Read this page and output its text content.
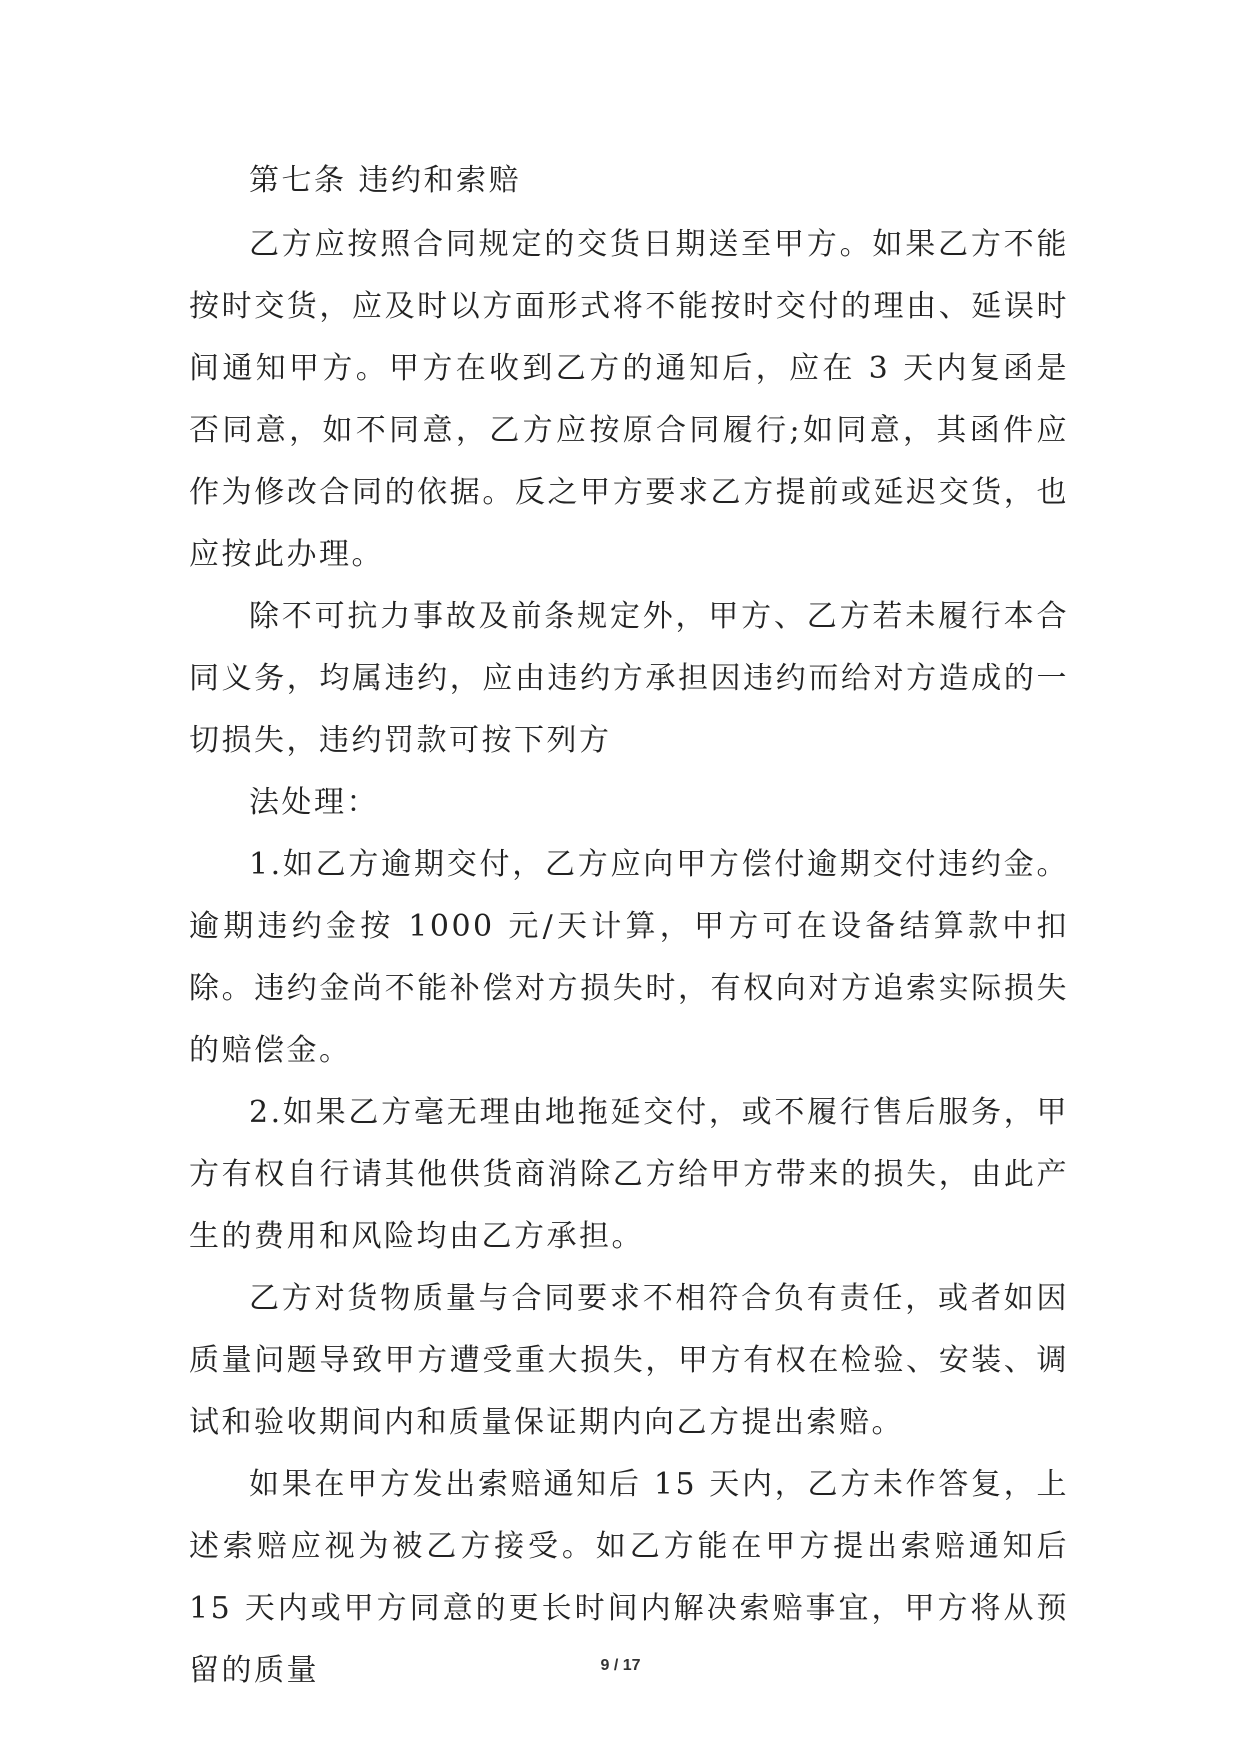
第七条 违约和索赔

乙方应按照合同规定的交货日期送至甲方。如果乙方不能按时交货，应及时以方面形式将不能按时交付的理由、延误时间通知甲方。甲方在收到乙方的通知后，应在 3 天内复函是否同意，如不同意，乙方应按原合同履行;如同意，其函件应作为修改合同的依据。反之甲方要求乙方提前或延迟交货，也应按此办理。

除不可抗力事故及前条规定外，甲方、乙方若未履行本合同义务，均属违约，应由违约方承担因违约而给对方造成的一切损失，违约罚款可按下列方

法处理：

1.如乙方逾期交付，乙方应向甲方偿付逾期交付违约金。逾期违约金按 1000 元/天计算，甲方可在设备结算款中扣除。违约金尚不能补偿对方损失时，有权向对方追索实际损失的赔偿金。

2.如果乙方毫无理由地拖延交付，或不履行售后服务，甲方有权自行请其他供货商消除乙方给甲方带来的损失，由此产生的费用和风险均由乙方承担。

乙方对货物质量与合同要求不相符合负有责任，或者如因质量问题导致甲方遭受重大损失，甲方有权在检验、安装、调试和验收期间内和质量保证期内向乙方提出索赔。

如果在甲方发出索赔通知后 15 天内，乙方未作答复，上述索赔应视为被乙方接受。如乙方能在甲方提出索赔通知后 15 天内或甲方同意的更长时间内解决索赔事宜，甲方将从预留的质量	9 / 17
